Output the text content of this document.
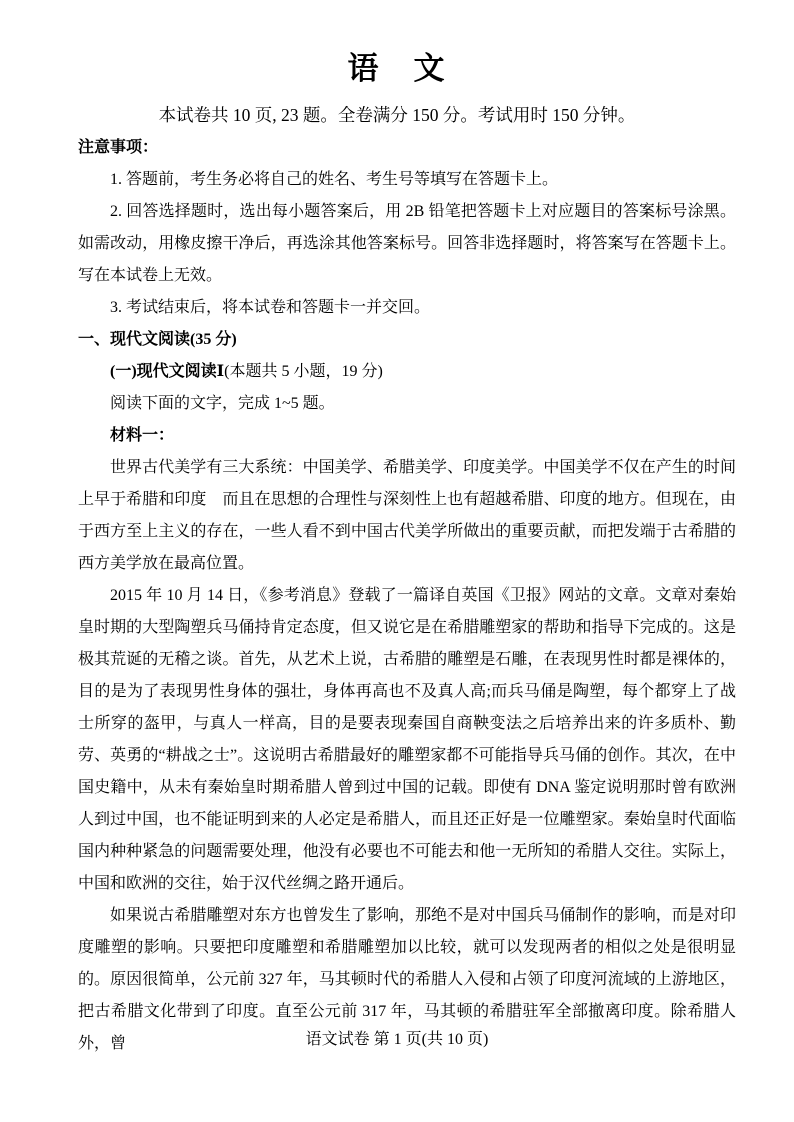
语　文

本试卷共 10 页, 23 题。全卷满分 150 分。考试用时 150 分钟。

注意事项：

1. 答题前，考生务必将自己的姓名、考生号等填写在答题卡上。

2. 回答选择题时，选出每小题答案后，用 2B 铅笔把答题卡上对应题目的答案标号涂黑。如需改动，用橡皮擦干净后，再选涂其他答案标号。回答非选择题时，将答案写在答题卡上。写在本试卷上无效。

3. 考试结束后，将本试卷和答题卡一并交回。

一、现代文阅读(35 分)

(一)现代文阅读Ⅰ(本题共 5 小题，19 分)

阅读下面的文字，完成 1~5 题。

材料一：

世界古代美学有三大系统：中国美学、希腊美学、印度美学。中国美学不仅在产生的时间上早于希腊和印度　而且在思想的合理性与深刻性上也有超越希腊、印度的地方。但现在，由于西方至上主义的存在，一些人看不到中国古代美学所做出的重要贡献，而把发端于古希腊的西方美学放在最高位置。

2015 年 10 月 14 日，《参考消息》登载了一篇译自英国《卫报》网站的文章。文章对秦始皇时期的大型陶塑兵马俑持肯定态度，但又说它是在希腊雕塑家的帮助和指导下完成的。这是极其荒诞的无稽之谈。首先，从艺术上说，古希腊的雕塑是石雕，在表现男性时都是裸体的，目的是为了表现男性身体的强壮，身体再高也不及真人高;而兵马俑是陶塑，每个都穿上了战士所穿的盔甲，与真人一样高，目的是要表现秦国自商鞅变法之后培养出来的许多质朴、勤劳、英勇的“耕战之士”。这说明古希腊最好的雕塑家都不可能指导兵马俑的创作。其次，在中国史籍中，从未有秦始皇时期希腊人曾到过中国的记载。即使有 DNA 鉴定说明那时曾有欧洲人到过中国，也不能证明到来的人必定是希腊人，而且还正好是一位雕塑家。秦始皇时代面临国内种种紧急的问题需要处理，他没有必要也不可能去和他一无所知的希腊人交往。实际上，中国和欧洲的交往，始于汉代丝绸之路开通后。

如果说古希腊雕塑对东方也曾发生了影响，那绝不是对中国兵马俑制作的影响，而是对印度雕塑的影响。只要把印度雕塑和希腊雕塑加以比较，就可以发现两者的相似之处是很明显的。原因很简单，公元前 327 年，马其顿时代的希腊人入侵和占领了印度河流域的上游地区，把古希腊文化带到了印度。直至公元前 317 年，马其顿的希腊驻军全部撤离印度。除希腊人外，曾	语文试卷 第 1 页(共 10 页)
